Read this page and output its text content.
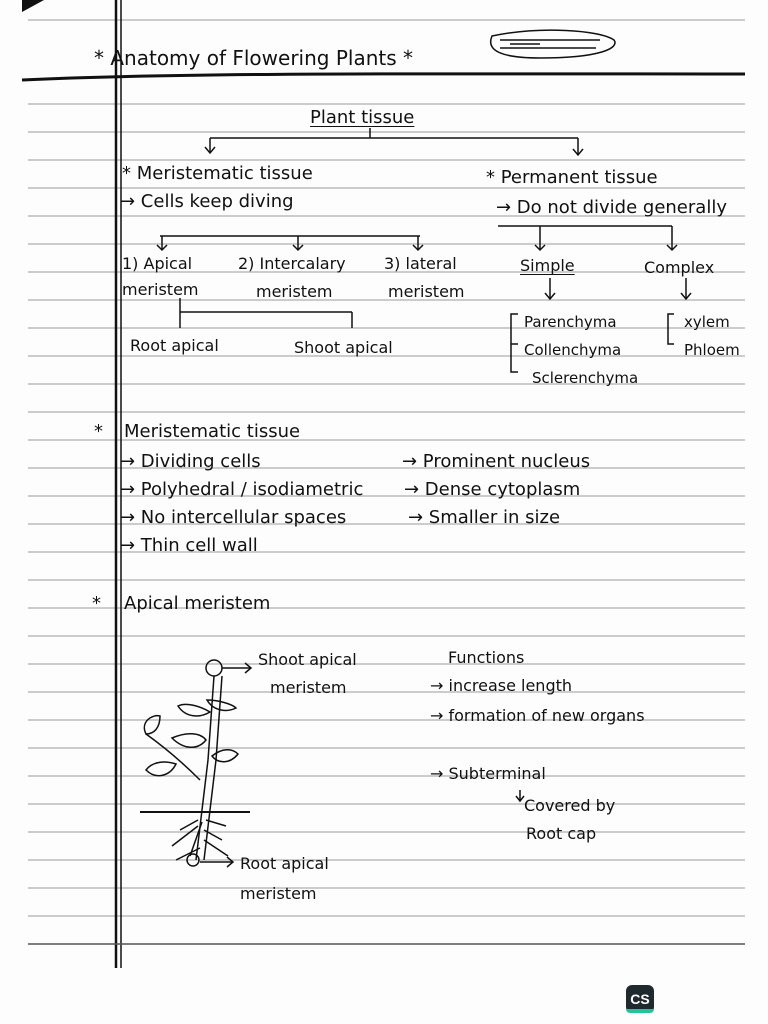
* Anatomy of Flowering Plants *
Plant tissue
* Meristematic tissue
→ Cells keep diving
* Permanent tissue
→ Do not divide generally
1) Apical
meristem
2) Intercalary
meristem
3) lateral
meristem
Simple	Complex
Root apical	Shoot apical
Parenchyma
Collenchyma
Sclerenchyma
xylem
Phloem
* Meristematic tissue
→ Dividing cells
→ Polyhedral / isodiametric
→ No intercellular spaces
→ Thin cell wall
→ Prominent nucleus
→ Dense cytoplasm
→ Smaller in size
* Apical meristem
Shoot apical
meristem
Root apical
meristem
Functions
→ increase length
→ formation of new organs
→ Subterminal
Covered by
Root cap
CS
